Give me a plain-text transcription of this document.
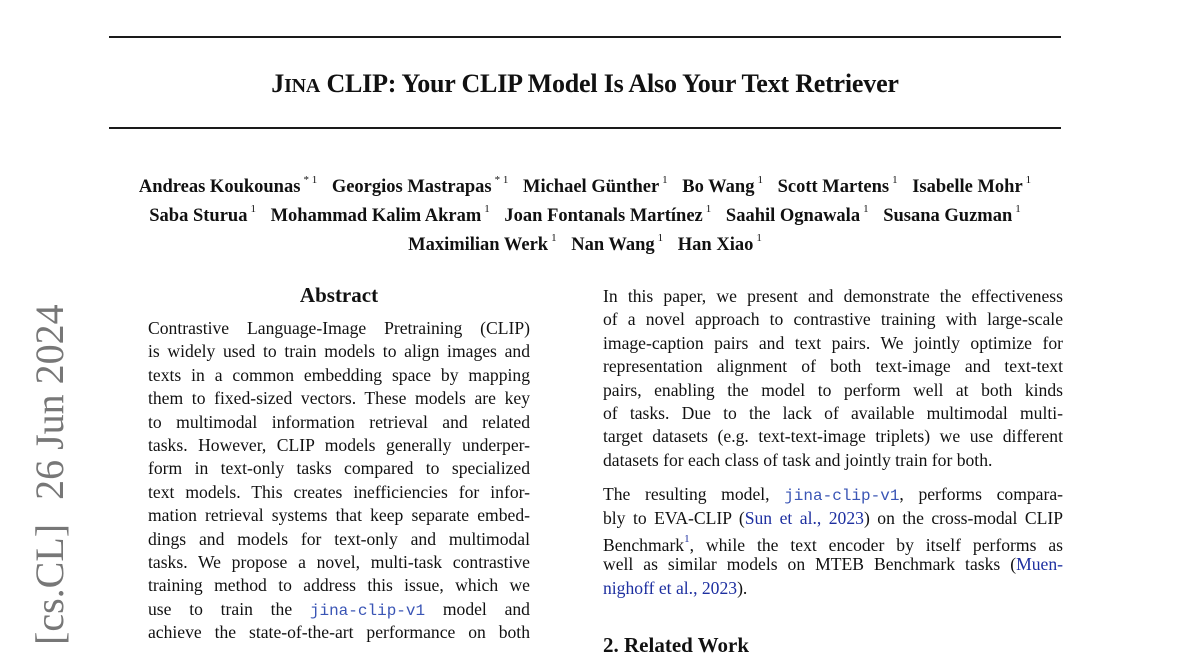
JINA CLIP: Your CLIP Model Is Also Your Text Retriever
Andreas Koukounas $^{* 1}$ Georgios Mastrapas $^{* 1}$ Michael Günther $^1$ Bo Wang $^1$ Scott Martens $^1$ Isabelle Mohr $^1$
Saba Sturua $^1$ Mohammad Kalim Akram $^1$ Joan Fontanals Martínez $^1$ Saahil Ognawala $^1$ Susana Guzman $^1$
Maximilian Werk $^1$ Nan Wang $^1$ Han Xiao $^1$
[cs.CL]26 Jun 2024
Abstract
Contrastive Language-Image Pretraining (CLIP)
is widely used to train models to align images and
texts in a common embedding space by mapping
them to fixed-sized vectors. These models are key
to multimodal information retrieval and related
tasks. However, CLIP models generally underper-
form in text-only tasks compared to specialized
text models. This creates inefficiencies for infor-
mation retrieval systems that keep separate embed-
dings and models for text-only and multimodal
tasks. We propose a novel, multi-task contrastive
training method to address this issue, which we
use to train the jina-clip-v1 model and
achieve the state-of-the-art performance on both
In this paper, we present and demonstrate the effectiveness
of a novel approach to contrastive training with large-scale
image-caption pairs and text pairs. We jointly optimize for
representation alignment of both text-image and text-text
pairs, enabling the model to perform well at both kinds
of tasks. Due to the lack of available multimodal multi-
target datasets (e.g. text-text-image triplets) we use different
datasets for each class of task and jointly train for both.
The resulting model, jina-clip-v1, performs compara-
bly to EVA-CLIP (Sun et al., 2023) on the cross-modal CLIP
Benchmark$^1$, while the text encoder by itself performs as
well as similar models on MTEB Benchmark tasks (Muen-
nighoff et al., 2023).
2. Related Work
